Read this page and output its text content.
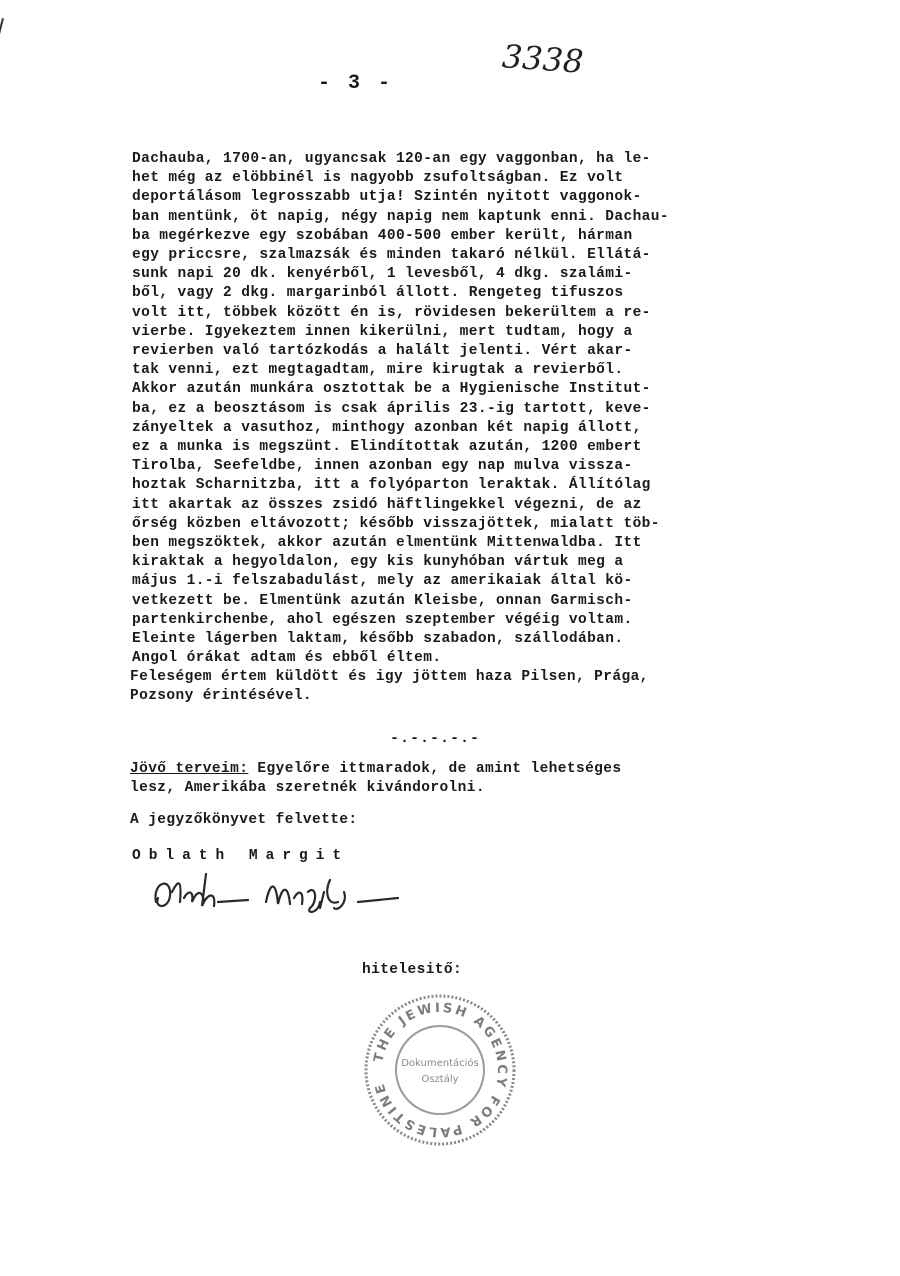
- 3 -
3338
Dachauba, 1700-an, ugyancsak 120-an egy vaggonban, ha le-
het még az elöbbinél is nagyobb zsufoltságban. Ez volt
deportálásom legrosszabb utja! Szintén nyitott vaggonok-
ban mentünk, öt napig, négy napig nem kaptunk enni. Dachau-
ba megérkezve egy szobában 400-500 ember került, hárman
egy priccsre, szalmazsák és minden takaró nélkül. Ellátá-
sunk napi 20 dk. kenyérből, 1 levesből, 4 dkg. szalámi-
ből, vagy 2 dkg. margarinból állott. Rengeteg tifuszos
volt itt, többek között én is, rövidesen bekerültem a re-
vierbe. Igyekeztem innen kikerülni, mert tudtam, hogy a
revierben való tartózkodás a halált jelenti. Vért akar-
tak venni, ezt megtagadtam, mire kirugtak a revierből.
Akkor azután munkára osztottak be a Hygienische Institut-
ba, ez a beosztásom is csak április 23.-ig tartott, keve-
zányeltek a vasuthoz, minthogy azonban két napig állott,
ez a munka is megszünt. Elindítottak azután, 1200 embert
Tirolba, Seefeldbe, innen azonban egy nap mulva vissza-
hoztak Scharnitzba, itt a folyóparton leraktak. Állítólag
itt akartak az összes zsidó häftlingekkel végezni, de az
őrség közben eltávozott; később visszajöttek, mialatt töb-
ben megszöktek, akkor azután elmentünk Mittenwaldba. Itt
kiraktak a hegyoldalon, egy kis kunyhóban vártuk meg a
május 1.-i felszabadulást, mely az amerikaiak által kö-
vetkezett be. Elmentünk azután Kleisbe, onnan Garmisch-
partenkirchenbe, ahol egészen szeptember végéig voltam.
Eleinte lágerben laktam, később szabadon, szállodában.
Angol órákat adtam és ebből éltem.
Feleségem értem küldött és igy jöttem haza Pilsen, Prága,
Pozsony érintésével.
-.-.-.-.-
Jövő terveim: Egyelőre ittmaradok, de amint lehetséges
lesz, Amerikába szeretnék kivándorolni.
A jegyzőkönyvet felvette:
Oblath Margit
hitelesitő:
THE JEWISH AGENCY FOR PALESTINE
Dokumentációs
Osztály
